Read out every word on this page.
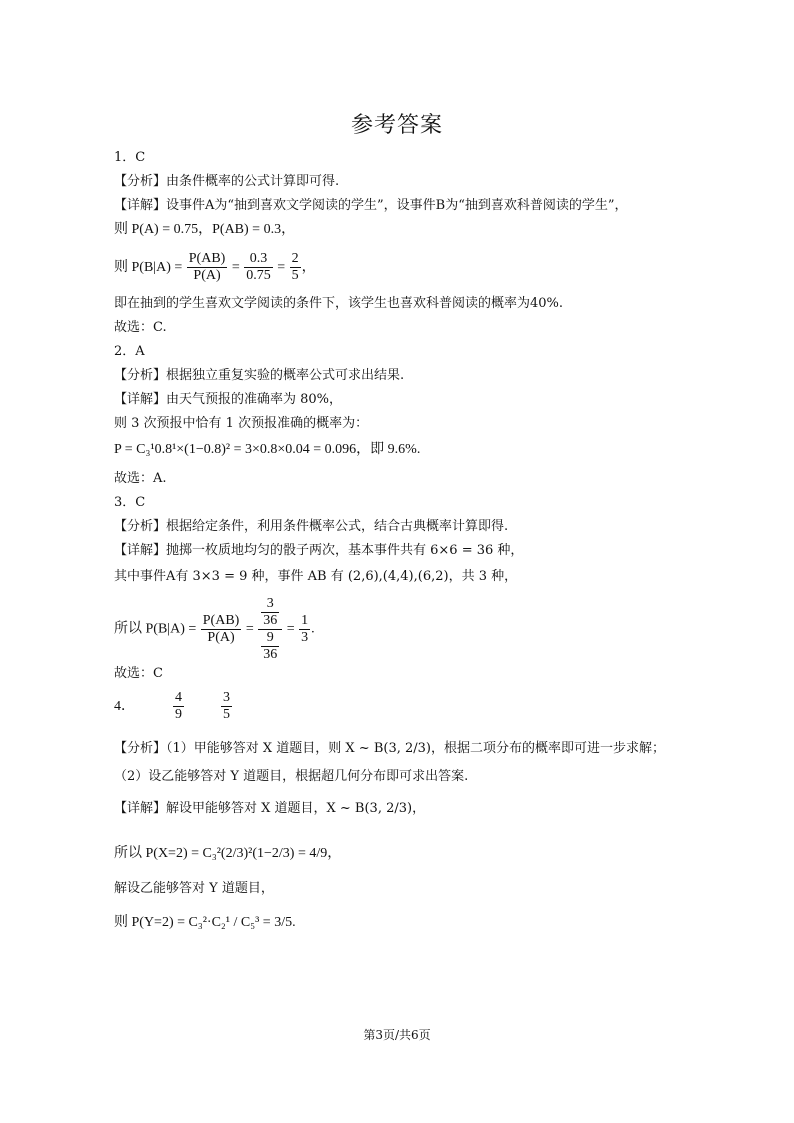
参考答案
1．C
【分析】由条件概率的公式计算即可得.
【详解】设事件A为“抽到喜欢文学阅读的学生”，设事件B为“抽到喜欢科普阅读的学生”，
则 P(A) = 0.75，P(AB) = 0.3，
则 $P(B|A) = \frac{P(AB)}{P(A)} = \frac{0.3}{0.75} = \frac{2}{5}$ ，
即在抽到的学生喜欢文学阅读的条件下，该学生也喜欢科普阅读的概率为40%.
故选：C.
2．A
【分析】根据独立重复实验的概率公式可求出结果.
【详解】由天气预报的准确率为 80%，
则 3 次预报中恰有 1 次预报准确的概率为：
P = C₃¹0.8¹×(1−0.8)² = 3×0.8×0.04 = 0.096，即 9.6%.
故选：A.
3．C
【分析】根据给定条件，利用条件概率公式，结合古典概率计算即得.
【详解】抛掷一枚质地均匀的骰子两次，基本事件共有 6×6 = 36 种，
其中事件A有 3×3 = 9 种，事件 AB 有 (2,6),(4,4),(6,2)，共 3 种，
所以 $P(B|A) = \frac{P(AB)}{P(A)} = \frac{\frac{3}{36}}{\frac{9}{36}} = \frac{1}{3}$ .
故选：C
4．	$\frac{4}{9}$
	$\frac{3}{5}$
【分析】（1）甲能够答对 X 道题目，则 X ~ B(3, 2/3)，根据二项分布的概率即可进一步求解；
（2）设乙能够答对 Y 道题目，根据超几何分布即可求出答案.
【详解】解设甲能够答对 X 道题目，X ~ B(3, 2/3)，
所以 P(X=2) = C₃²(2/3)²(1−2/3) = 4/9，
解设乙能够答对 Y 道题目，
则 P(Y=2) = C₃²·C₂¹ / C₅³ = 3/5.
第3页/共6页
